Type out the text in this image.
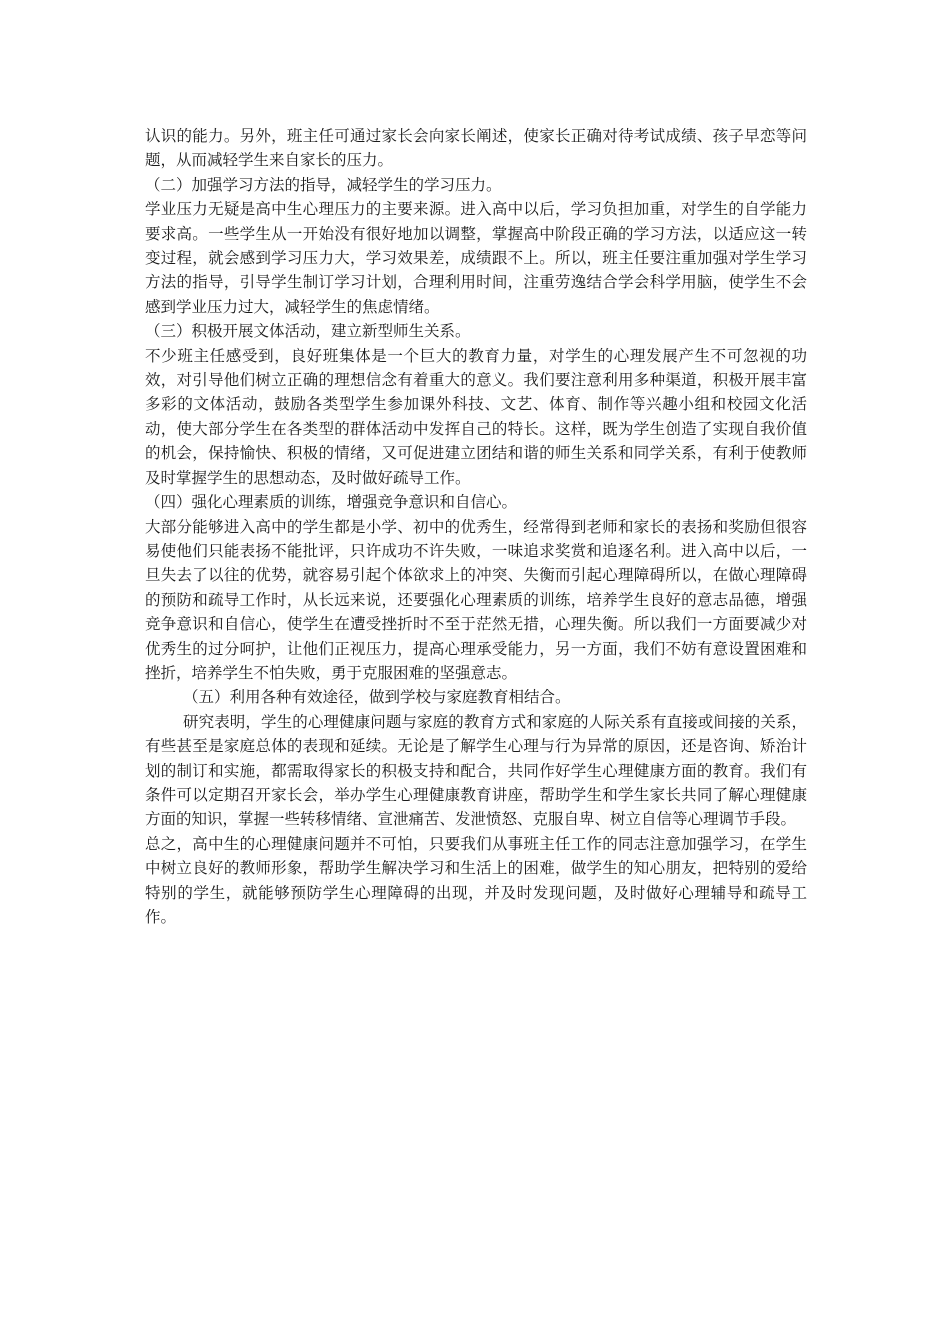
认识的能力。另外，班主任可通过家长会向家长阐述，使家长正确对待考试成绩、孩子早恋等问题，从而减轻学生来自家长的压力。

（二）加强学习方法的指导，减轻学生的学习压力。

学业压力无疑是高中生心理压力的主要来源。进入高中以后，学习负担加重，对学生的自学能力要求高。一些学生从一开始没有很好地加以调整，掌握高中阶段正确的学习方法，以适应这一转变过程，就会感到学习压力大，学习效果差，成绩跟不上。所以，班主任要注重加强对学生学习方法的指导，引导学生制订学习计划，合理利用时间，注重劳逸结合学会科学用脑，使学生不会感到学业压力过大，减轻学生的焦虑情绪。

（三）积极开展文体活动，建立新型师生关系。

不少班主任感受到，良好班集体是一个巨大的教育力量，对学生的心理发展产生不可忽视的功效，对引导他们树立正确的理想信念有着重大的意义。我们要注意利用多种渠道，积极开展丰富多彩的文体活动，鼓励各类型学生参加课外科技、文艺、体育、制作等兴趣小组和校园文化活动，使大部分学生在各类型的群体活动中发挥自己的特长。这样，既为学生创造了实现自我价值的机会，保持愉快、积极的情绪，又可促进建立团结和谐的师生关系和同学关系，有利于使教师及时掌握学生的思想动态，及时做好疏导工作。

（四）强化心理素质的训练，增强竞争意识和自信心。

大部分能够进入高中的学生都是小学、初中的优秀生，经常得到老师和家长的表扬和奖励但很容易使他们只能表扬不能批评，只许成功不许失败，一味追求奖赏和追逐名利。进入高中以后，一旦失去了以往的优势，就容易引起个体欲求上的冲突、失衡而引起心理障碍所以，在做心理障碍的预防和疏导工作时，从长远来说，还要强化心理素质的训练，培养学生良好的意志品德，增强竞争意识和自信心，使学生在遭受挫折时不至于茫然无措，心理失衡。所以我们一方面要减少对优秀生的过分呵护，让他们正视压力，提高心理承受能力，另一方面，我们不妨有意设置困难和挫折，培养学生不怕失败，勇于克服困难的坚强意志。

（五）利用各种有效途径，做到学校与家庭教育相结合。

研究表明，学生的心理健康问题与家庭的教育方式和家庭的人际关系有直接或间接的关系，有些甚至是家庭总体的表现和延续。无论是了解学生心理与行为异常的原因，还是咨询、矫治计划的制订和实施，都需取得家长的积极支持和配合，共同作好学生心理健康方面的教育。我们有条件可以定期召开家长会，举办学生心理健康教育讲座，帮助学生和学生家长共同了解心理健康方面的知识，掌握一些转移情绪、宣泄痛苦、发泄愤怒、克服自卑、树立自信等心理调节手段。

总之，高中生的心理健康问题并不可怕，只要我们从事班主任工作的同志注意加强学习，在学生中树立良好的教师形象，帮助学生解决学习和生活上的困难，做学生的知心朋友，把特别的爱给特别的学生，就能够预防学生心理障碍的出现，并及时发现问题，及时做好心理辅导和疏导工作。
